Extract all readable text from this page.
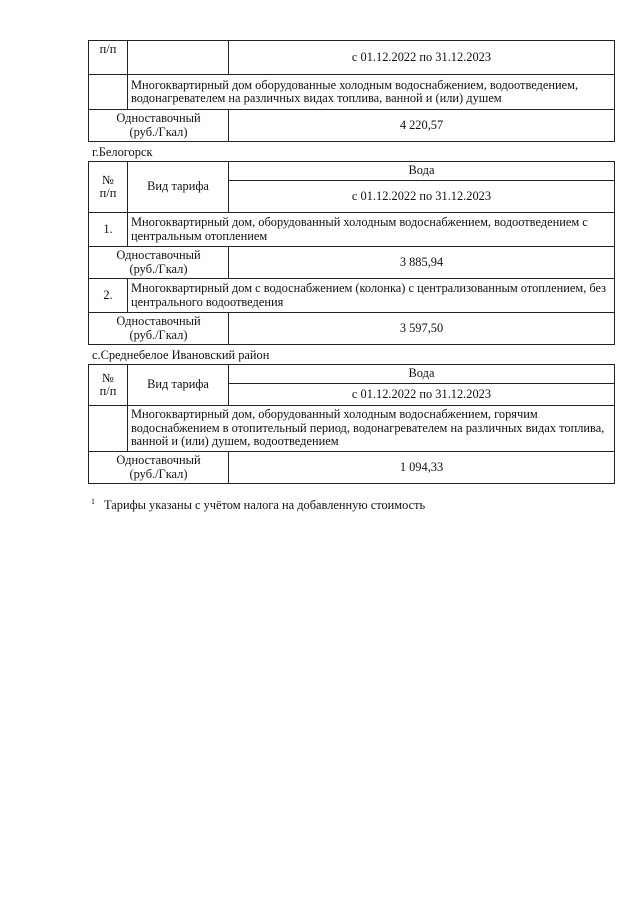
п/п		с 01.12.2022 по 31.12.2023
	Многоквартирный дом оборудованные холодным водоснабжением, водоотведением, водонагревателем на различных видах топлива, ванной и (или) душем	
Одноставочный
(руб./Гкал)		4 220,57
г.Белогорск
№
п/п	Вид тарифа	Вода
		с 01.12.2022 по 31.12.2023
1.	Многоквартирный дом, оборудованный холодным водоснабжением, водоотведением с центральным отоплением	
Одноставочный
(руб./Гкал)		3 885,94
2.	Многоквартирный дом с водоснабжением (колонка) с централизованным отоплением, без центрального водоотведения	
Одноставочный
(руб./Гкал)		3 597,50
с.Среднебелое Ивановский район
№
п/п	Вид тарифа	Вода
		с 01.12.2022 по 31.12.2023
	Многоквартирный дом, оборудованный холодным водоснабжением, горячим водоснабжением в отопительный период, водонагревателем на различных видах топлива, ванной и (или) душем, водоотведением	
Одноставочный
(руб./Гкал)		1 094,33
$^1$ Тарифы указаны с учётом налога на добавленную стоимость
